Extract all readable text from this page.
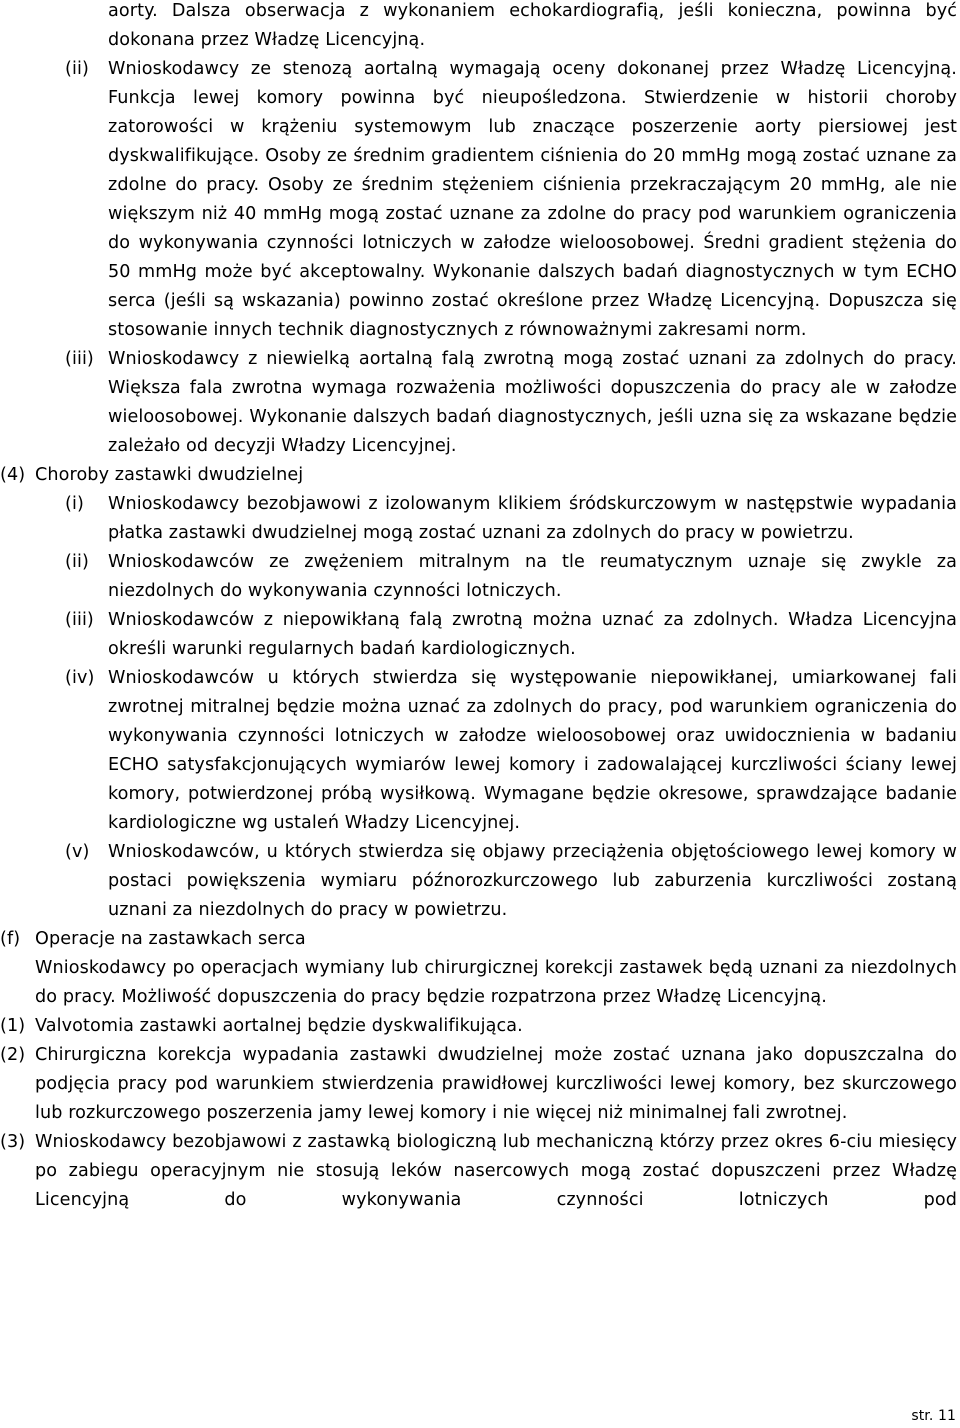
aorty. Dalsza obserwacja z wykonaniem echokardiografią, jeśli konieczna, powinna być dokonana przez Władzę Licencyjną.
(ii) Wnioskodawcy ze stenozą aortalną wymagają oceny dokonanej przez Władzę Licencyjną. Funkcja lewej komory powinna być nieupośledzona. Stwierdzenie w historii choroby zatorowości w krążeniu systemowym lub znaczące poszerzenie aorty piersiowej jest dyskwalifikujące. Osoby ze średnim gradientem ciśnienia do 20 mmHg mogą zostać uznane za zdolne do pracy. Osoby ze średnim stężeniem ciśnienia przekraczającym 20 mmHg, ale nie większym niż 40 mmHg mogą zostać uznane za zdolne do pracy pod warunkiem ograniczenia do wykonywania czynności lotniczych w załodze wieloosobowej. Średni gradient stężenia do 50 mmHg może być akceptowalny. Wykonanie dalszych badań diagnostycznych w tym ECHO serca (jeśli są wskazania) powinno zostać określone przez Władzę Licencyjną. Dopuszcza się stosowanie innych technik diagnostycznych z równoważnymi zakresami norm.
(iii) Wnioskodawcy z niewielką aortalną falą zwrotną mogą zostać uznani za zdolnych do pracy. Większa fala zwrotna wymaga rozważenia możliwości dopuszczenia do pracy ale w załodze wieloosobowej. Wykonanie dalszych badań diagnostycznych, jeśli uzna się za wskazane będzie zależało od decyzji Władzy Licencyjnej.
(4) Choroby zastawki dwudzielnej
(i) Wnioskodawcy bezobjawowi z izolowanym klikiem śródskurczowym w następstwie wypadania płatka zastawki dwudzielnej mogą zostać uznani za zdolnych do pracy w powietrzu.
(ii) Wnioskodawców ze zwężeniem mitralnym na tle reumatycznym uznaje się zwykle za niezdolnych do wykonywania czynności lotniczych.
(iii) Wnioskodawców z niepowikłaną falą zwrotną można uznać za zdolnych. Władza Licencyjna określi warunki regularnych badań kardiologicznych.
(iv) Wnioskodawców u których stwierdza się występowanie niepowikłanej, umiarkowanej fali zwrotnej mitralnej będzie można uznać za zdolnych do pracy, pod warunkiem ograniczenia do wykonywania czynności lotniczych w załodze wieloosobowej oraz uwidocznienia w badaniu ECHO satysfakcjonujących wymiarów lewej komory i zadowalającej kurczliwości ściany lewej komory, potwierdzonej próbą wysiłkową. Wymagane będzie okresowe, sprawdzające badanie kardiologiczne wg ustaleń Władzy Licencyjnej.
(v) Wnioskodawców, u których stwierdza się objawy przeciążenia objętościowego lewej komory w postaci powiększenia wymiaru późnorozkurczowego lub zaburzenia kurczliwości zostaną uznani za niezdolnych do pracy w powietrzu.
(f) Operacje na zastawkach serca
Wnioskodawcy po operacjach wymiany lub chirurgicznej korekcji zastawek będą uznani za niezdolnych do pracy. Możliwość dopuszczenia do pracy będzie rozpatrzona przez Władzę Licencyjną.
(1) Valvotomia zastawki aortalnej będzie dyskwalifikująca.
(2) Chirurgiczna korekcja wypadania zastawki dwudzielnej może zostać uznana jako dopuszczalna do podjęcia pracy pod warunkiem stwierdzenia prawidłowej kurczliwości lewej komory, bez skurczowego lub rozkurczowego poszerzenia jamy lewej komory i nie więcej niż minimalnej fali zwrotnej.
(3) Wnioskodawcy bezobjawowi z zastawką biologiczną lub mechaniczną którzy przez okres 6-ciu miesięcy po zabiegu operacyjnym nie stosują leków nasercowych mogą zostać dopuszczeni przez Władzę Licencyjną do wykonywania czynności lotniczych pod
str. 11
